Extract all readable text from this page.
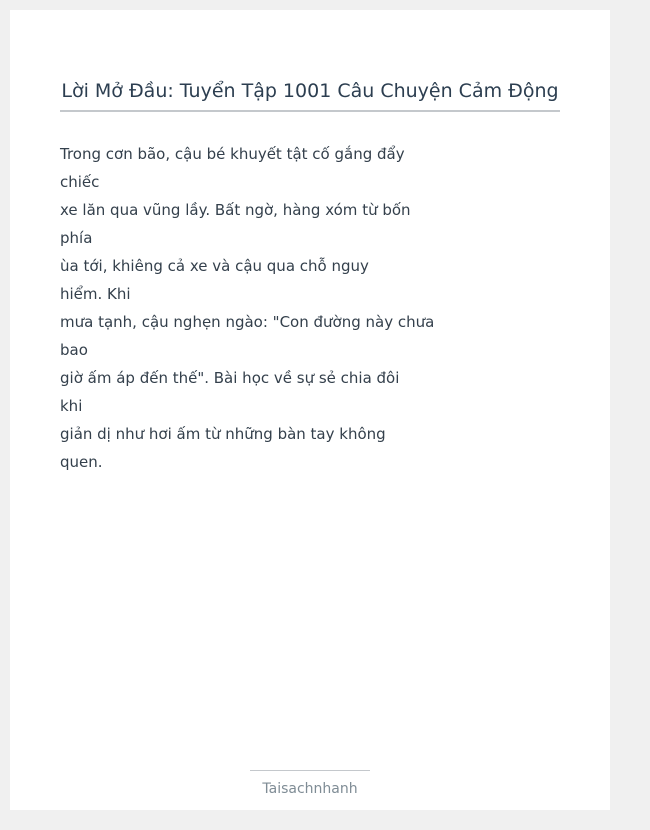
Lời Mở Đầu: Tuyển Tập 1001 Câu Chuyện Cảm Động
Trong cơn bão, cậu bé khuyết tật cố gắng đẩy
chiếc
xe lăn qua vũng lầy. Bất ngờ, hàng xóm từ bốn
phía
ùa tới, khiêng cả xe và cậu qua chỗ nguy
hiểm. Khi
mưa tạnh, cậu nghẹn ngào: "Con đường này chưa
bao
giờ ấm áp đến thế". Bài học về sự sẻ chia đôi
khi
giản dị như hơi ấm từ những bàn tay không
quen.
Taisachnhanh
